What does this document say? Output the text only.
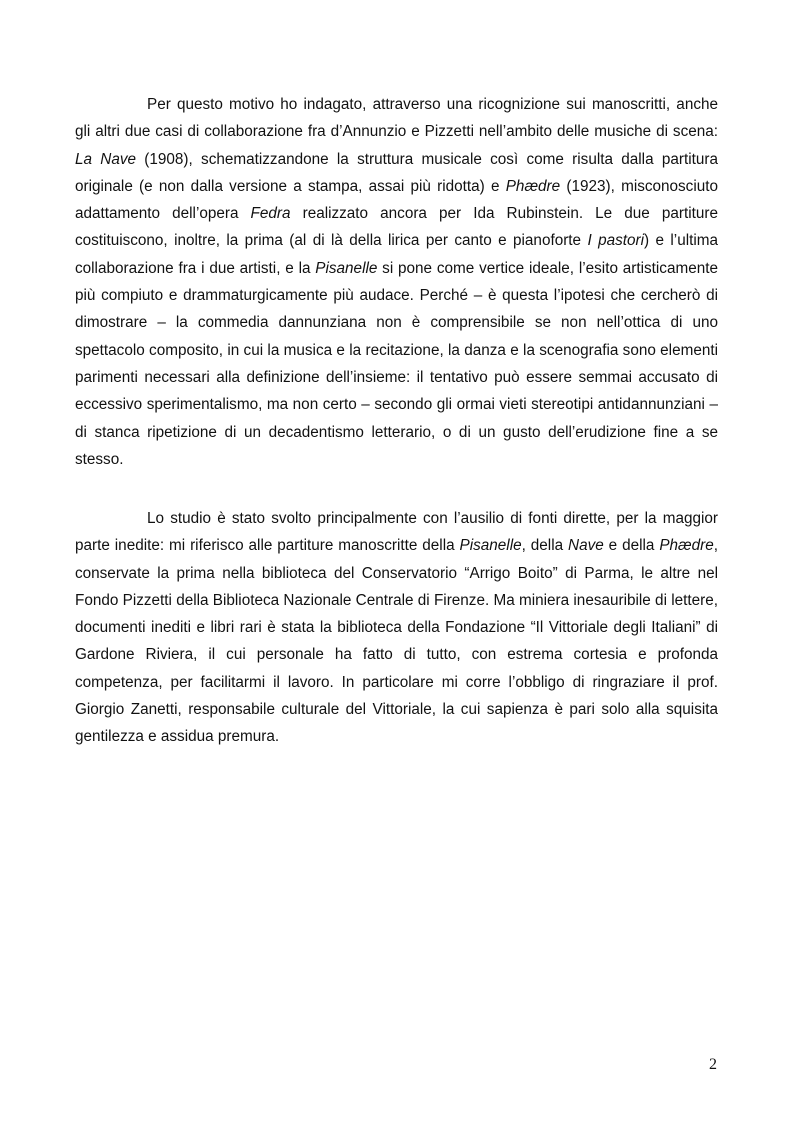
Per questo motivo ho indagato, attraverso una ricognizione sui manoscritti, anche gli altri due casi di collaborazione fra d’Annunzio e Pizzetti nell’ambito delle musiche di scena: La Nave (1908), schematizzandone la struttura musicale così come risulta dalla partitura originale (e non dalla versione a stampa, assai più ridotta) e Phædre (1923), misconosciuto adattamento dell’opera Fedra realizzato ancora per Ida Rubinstein. Le due partiture costituiscono, inoltre, la prima (al di là della lirica per canto e pianoforte I pastori) e l’ultima collaborazione fra i due artisti, e la Pisanelle si pone come vertice ideale, l’esito artisticamente più compiuto e drammaturgicamente più audace. Perché – è questa l’ipotesi che cercherò di dimostrare – la commedia dannunziana non è comprensibile se non nell’ottica di uno spettacolo composito, in cui la musica e la recitazione, la danza e la scenografia sono elementi parimenti necessari alla definizione dell’insieme: il tentativo può essere semmai accusato di eccessivo sperimentalismo, ma non certo – secondo gli ormai vieti stereotipi antidannunziani – di stanca ripetizione di un decadentismo letterario, o di un gusto dell’erudizione fine a se stesso.

Lo studio è stato svolto principalmente con l’ausilio di fonti dirette, per la maggior parte inedite: mi riferisco alle partiture manoscritte della Pisanelle, della Nave e della Phædre, conservate la prima nella biblioteca del Conservatorio “Arrigo Boito” di Parma, le altre nel Fondo Pizzetti della Biblioteca Nazionale Centrale di Firenze. Ma miniera inesauribile di lettere, documenti inediti e libri rari è stata la biblioteca della Fondazione “Il Vittoriale degli Italiani” di Gardone Riviera, il cui personale ha fatto di tutto, con estrema cortesia e profonda competenza, per facilitarmi il lavoro. In particolare mi corre l’obbligo di ringraziare il prof. Giorgio Zanetti, responsabile culturale del Vittoriale, la cui sapienza è pari solo alla squisita gentilezza e assidua premura.

2
